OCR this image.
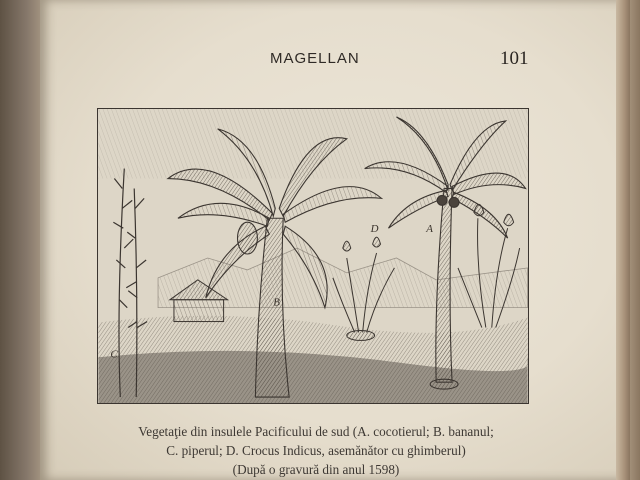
MAGELLAN	101
D	A
B
C
Vegetaţie din insulele Pacificului de sud (A. cocotierul; B. bananul;
C. piperul; D. Crocus Indicus, asemănător cu ghimberul)
(După o gravură din anul 1598)
